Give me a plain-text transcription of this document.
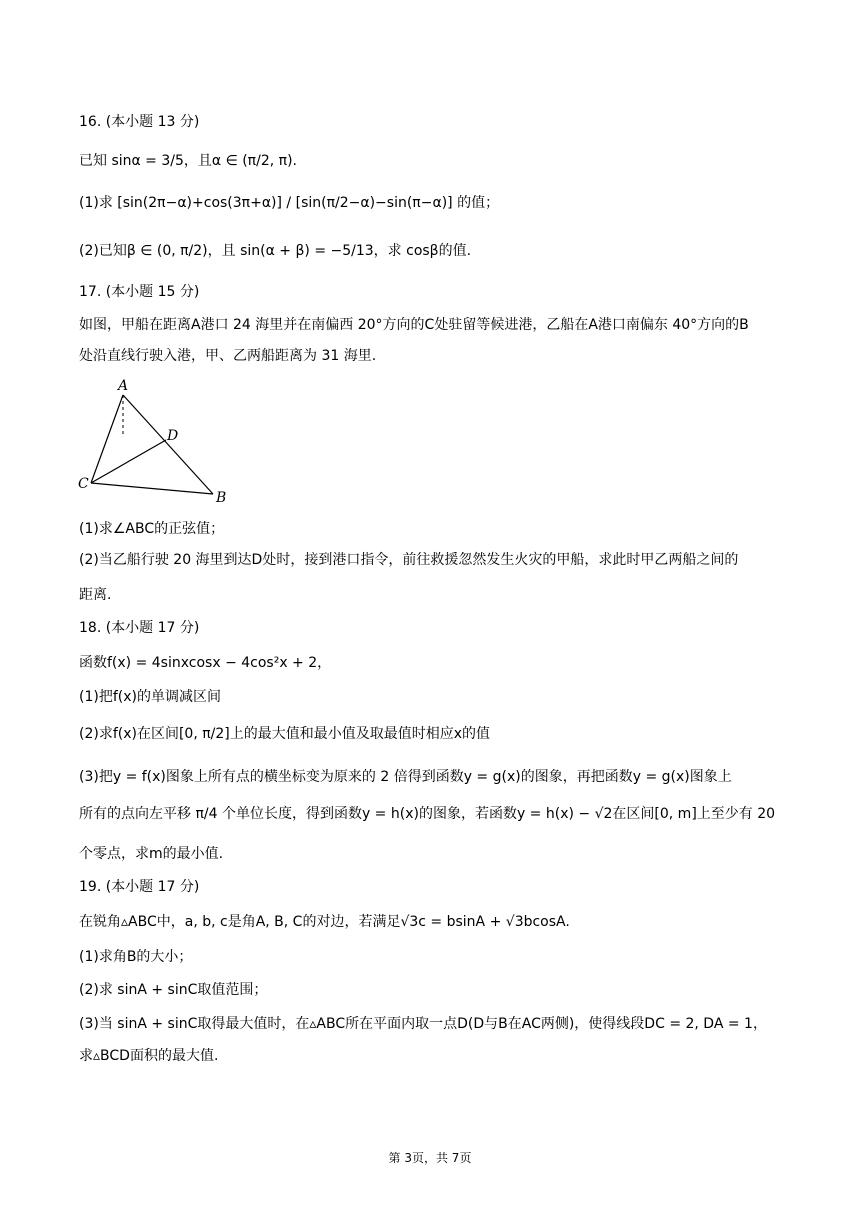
16. (本小题 13 分)
已知 sinα = 3/5，且α ∈ (π/2, π).
(1)求 [sin(2π−α)+cos(3π+α)] / [sin(π/2−α)−sin(π−α)] 的值；
(2)已知β ∈ (0, π/2)，且 sin(α + β) = −5/13，求 cosβ的值.
17. (本小题 15 分)
如图，甲船在距离A港口 24 海里并在南偏西 20°方向的C处驻留等候进港，乙船在A港口南偏东 40°方向的B
处沿直线行驶入港，甲、乙两船距离为 31 海里.
A
D
C
B
(1)求∠ABC的正弦值；
(2)当乙船行驶 20 海里到达D处时，接到港口指令，前往救援忽然发生火灾的甲船，求此时甲乙两船之间的
距离.
18. (本小题 17 分)
函数f(x) = 4sinxcosx − 4cos²x + 2，
(1)把f(x)的单调减区间
(2)求f(x)在区间[0, π/2]上的最大值和最小值及取最值时相应x的值
(3)把y = f(x)图象上所有点的横坐标变为原来的 2 倍得到函数y = g(x)的图象，再把函数y = g(x)图象上
所有的点向左平移 π/4 个单位长度，得到函数y = h(x)的图象，若函数y = h(x) − √2在区间[0, m]上至少有 20
个零点，求m的最小值.
19. (本小题 17 分)
在锐角▵ABC中，a, b, c是角A, B, C的对边，若满足√3c = bsinA + √3bcosA.
(1)求角B的大小；
(2)求 sinA + sinC取值范围；
(3)当 sinA + sinC取得最大值时，在▵ABC所在平面内取一点D(D与B在AC两侧)，使得线段DC = 2, DA = 1，
求▵BCD面积的最大值.
第 3页，共 7页
